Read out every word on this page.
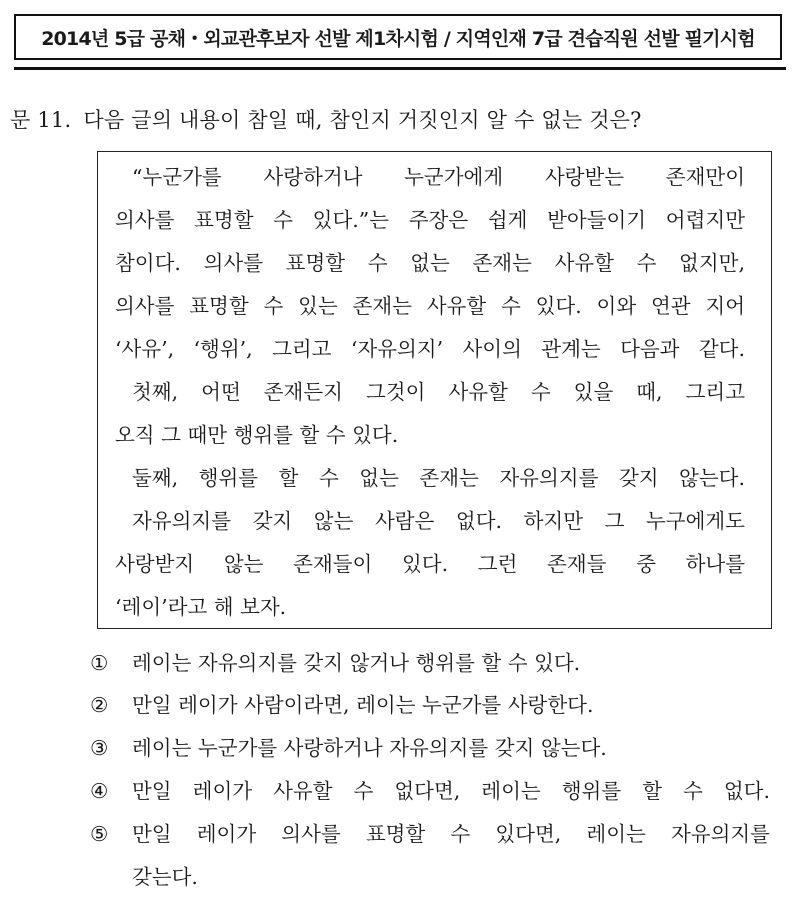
2014년 5급 공채・외교관후보자 선발 제1차시험 / 지역인재 7급 견습직원 선발 필기시험
문 11. 다음 글의 내용이 참일 때, 참인지 거짓인지 알 수 없는 것은?
“누군가를 사랑하거나 누군가에게 사랑받는 존재만이
의사를 표명할 수 있다.”는 주장은 쉽게 받아들이기 어렵지만
참이다. 의사를 표명할 수 없는 존재는 사유할 수 없지만,
의사를 표명할 수 있는 존재는 사유할 수 있다. 이와 연관 지어
‘사유’, ‘행위’, 그리고 ‘자유의지’ 사이의 관계는 다음과 같다.
첫째, 어떤 존재든지 그것이 사유할 수 있을 때, 그리고
오직 그 때만 행위를 할 수 있다.
둘째, 행위를 할 수 없는 존재는 자유의지를 갖지 않는다.
자유의지를 갖지 않는 사람은 없다. 하지만 그 누구에게도
사랑받지 않는 존재들이 있다. 그런 존재들 중 하나를
‘레이’라고 해 보자.
① 레이는 자유의지를 갖지 않거나 행위를 할 수 있다.
② 만일 레이가 사람이라면, 레이는 누군가를 사랑한다.
③ 레이는 누군가를 사랑하거나 자유의지를 갖지 않는다.
④ 만일 레이가 사유할 수 없다면, 레이는 행위를 할 수 없다.
⑤ 만일 레이가 의사를 표명할 수 있다면, 레이는 자유의지를
갖는다.
